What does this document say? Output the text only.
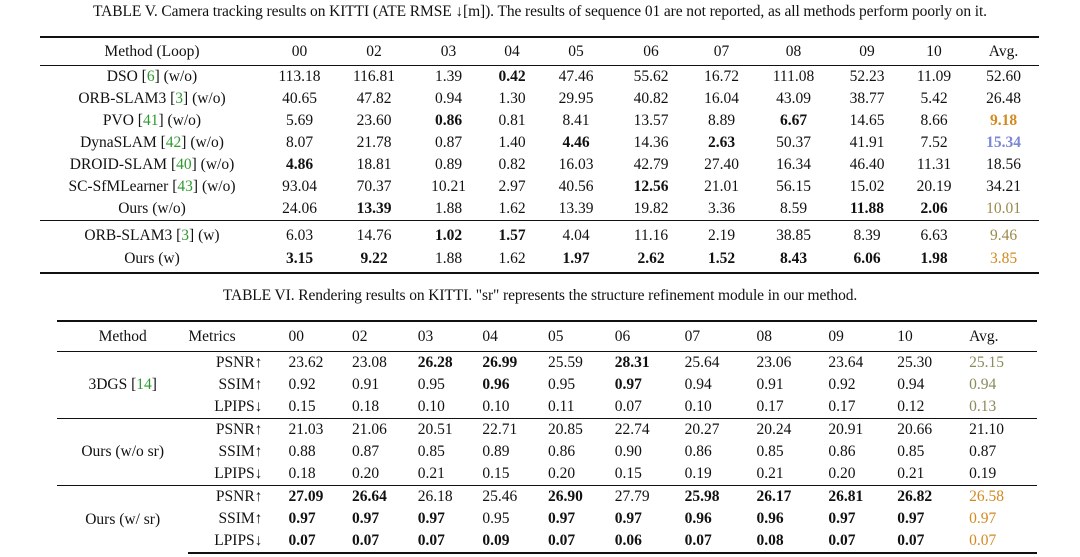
TABLE V. Camera tracking results on KITTI (ATE RMSE ↓[m]). The results of sequence 01 are not reported, as all methods perform poorly on it.
Method (Loop)	00	02	03	04	05	06	07	08	09	10	Avg.
DSO [6] (w/o)	113.18	116.81	1.39	0.42	47.46	55.62	16.72	111.08	52.23	11.09	52.60
ORB-SLAM3 [3] (w/o)	40.65	47.82	0.94	1.30	29.95	40.82	16.04	43.09	38.77	5.42	26.48
PVO [41] (w/o)	5.69	23.60	0.86	0.81	8.41	13.57	8.89	6.67	14.65	8.66	9.18
DynaSLAM [42] (w/o)	8.07	21.78	0.87	1.40	4.46	14.36	2.63	50.37	41.91	7.52	15.34
DROID-SLAM [40] (w/o)	4.86	18.81	0.89	0.82	16.03	42.79	27.40	16.34	46.40	11.31	18.56
SC-SfMLearner [43] (w/o)	93.04	70.37	10.21	2.97	40.56	12.56	21.01	56.15	15.02	20.19	34.21
Ours (w/o)	24.06	13.39	1.88	1.62	13.39	19.82	3.36	8.59	11.88	2.06	10.01
ORB-SLAM3 [3] (w)	6.03	14.76	1.02	1.57	4.04	11.16	2.19	38.85	8.39	6.63	9.46
Ours (w)	3.15	9.22	1.88	1.62	1.97	2.62	1.52	8.43	6.06	1.98	3.85
TABLE VI. Rendering results on KITTI. "sr" represents the structure refinement module in our method.
Method	Metrics	00	02	03	04	05	06	07	08	09	10	Avg.
3DGS [14]	PSNR↑	23.62	23.08	26.28	26.99	25.59	28.31	25.64	23.06	23.64	25.30	25.15
	SSIM↑	0.92	0.91	0.95	0.96	0.95	0.97	0.94	0.91	0.92	0.94	0.94
	LPIPS↓	0.15	0.18	0.10	0.10	0.11	0.07	0.10	0.17	0.17	0.12	0.13
Ours (w/o sr)	PSNR↑	21.03	21.06	20.51	22.71	20.85	22.74	20.27	20.24	20.91	20.66	21.10
	SSIM↑	0.88	0.87	0.85	0.89	0.86	0.90	0.86	0.85	0.86	0.85	0.87
	LPIPS↓	0.18	0.20	0.21	0.15	0.20	0.15	0.19	0.21	0.20	0.21	0.19
Ours (w/ sr)	PSNR↑	27.09	26.64	26.18	25.46	26.90	27.79	25.98	26.17	26.81	26.82	26.58
	SSIM↑	0.97	0.97	0.97	0.95	0.97	0.97	0.96	0.96	0.97	0.97	0.97
	LPIPS↓	0.07	0.07	0.07	0.09	0.07	0.06	0.07	0.08	0.07	0.07	0.07
